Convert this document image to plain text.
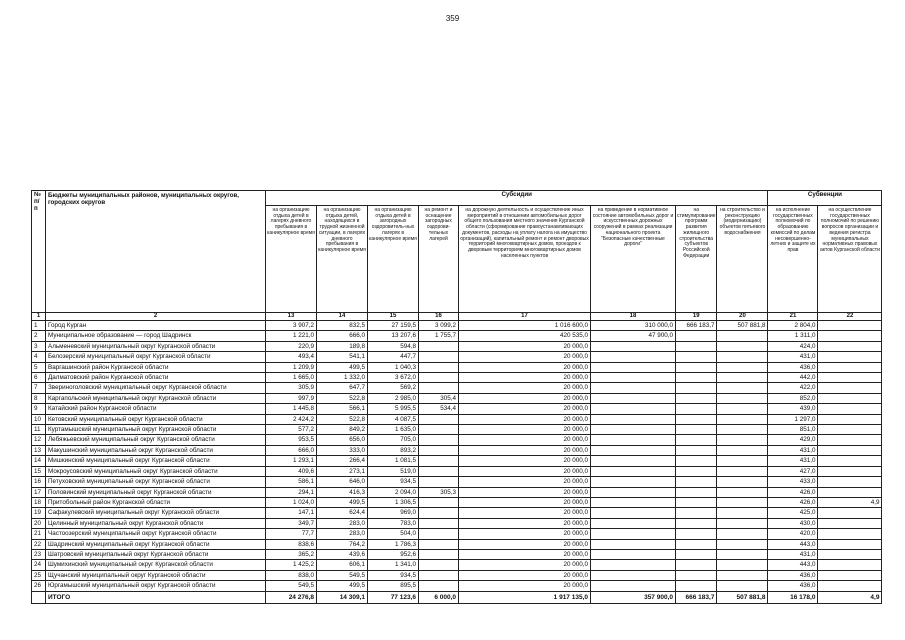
359
№ п/п	Бюджеты муниципальных районов, муниципальных округов, городских округов	Субсидии								Субвенции	
		на организацию отдыха детей в лагерях дневного пребывания в каникулярное время	на организацию отдыха детей, находящихся в трудной жизненной ситуации, в лагерях дневного пребывания в каникулярное время	на организацию отдыха детей в загородных оздоровитель-ных лагерях в каникулярное время	на ремонт и оснащение загородных оздорови-тельных лагерей	на дорожную деятельность и осуществление иных мероприятий в отношении автомобильных дорог общего пользования местного значения Курганской области (сформирование правоустанавливающих документов, расходы на уплату налога на имущество организаций), капитальный ремонт и ремонт дворовых территорий многоквартирных домов, проездов к дворовым территориям многоквартирных домов населенных пунктов	на приведение в нормативное состояние автомобильных дорог и искусственных дорожных сооружений в рамках реализации национального проекта "Безопасные качественные дороги"	на стимулирование программ развития жилищного строительства субъектов Российской Федерации	на строительство и реконструкцию (модернизацию) объектов питьевого водоснабжения	на исполнение государственных полномочий по образованию комиссий по делам несовершенно-летних и защите их прав	на осуществление государственных полномочий по решению вопросов организации и ведения регистра муниципальных нормативных правовых актов Курганской области
1	2	13	14	15	16	17	18	19	20	21	22
1	Город Курган	3 907,2	832,5	27 159,5	3 099,2	1 016 600,0	310 000,0	666 183,7	507 881,8	2 804,0	
2	Муниципальное образование — город Шадринск	1 221,0	666,0	13 207,6	1 755,7	420 535,0	47 900,0			1 311,0	
3	Альменевский муниципальный округ Курганской области	220,9	189,8	594,8		20 000,0				424,0	
4	Белозерский муниципальный округ Курганской области	493,4	541,1	447,7		20 000,0				431,0	
5	Варгашинский район Курганской области	1 209,9	499,5	1 040,3		20 000,0				436,0	
6	Далматовский район Курганской области	1 665,0	1 332,0	3 672,0		20 000,0				442,0	
7	Звериноголовский муниципальный округ Курганской области	305,9	647,7	569,2		20 000,0				422,0	
8	Каргапольский муниципальный округ Курганской области	997,9	522,8	2 985,0	305,4	20 000,0				852,0	
9	Катайский район Курганской области	1 445,8	566,1	5 995,5	534,4	20 000,0				439,0	
10	Кетовский муниципальный округ Курганской области	2 424,2	522,8	4 087,5		20 000,0				1 297,0	
11	Куртамышский муниципальный округ Курганской области	577,2	849,2	1 635,0		20 000,0				851,0	
12	Лебяжьевский муниципальный округ Курганской области	953,5	656,0	705,0		20 000,0				429,0	
13	Макушинский муниципальный округ Курганской области	666,0	333,0	893,2		20 000,0				431,0	
14	Мишкинский муниципальный округ Курганской области	1 293,1	266,4	1 081,5		20 000,0				431,0	
15	Мокроусовский муниципальный округ Курганской области	409,6	273,1	519,0		20 000,0				427,0	
16	Петуховский муниципальный округ Курганской области	586,1	646,0	934,5		20 000,0				433,0	
17	Половинский муниципальный округ Курганской области	294,1	416,3	2 094,0	305,3	20 000,0				426,0	
18	Притобольный район Курганской области	1 024,0	499,5	1 306,5		20 000,0				426,0	4,9
19	Сафакулевский муниципальный округ Курганской области	147,1	624,4	969,0		20 000,0				425,0	
20	Целинный муниципальный округ Курганской области	349,7	283,0	783,0		20 000,0				430,0	
21	Частоозерский муниципальный округ Курганской области	77,7	283,0	504,0		20 000,0				420,0	
22	Шадринский муниципальный округ Курганской области	838,6	764,2	1 786,3		20 000,0				443,0	
23	Шатровский муниципальный округ Курганской области	365,2	439,6	952,6		20 000,0				431,0	
24	Шумихинский муниципальный округ Курганской области	1 425,2	606,1	1 341,0		20 000,0				443,0	
25	Щучанский муниципальный округ Курганской области	838,0	549,5	934,5		20 000,0				436,0	
26	Юргамышский муниципальный округ Курганской области	549,5	499,5	895,5		20 000,0				436,0	
	ИТОГО	24 276,8	14 309,1	77 123,6	6 000,0	1 917 135,0	357 900,0	666 183,7	507 881,8	16 178,0	4,9
